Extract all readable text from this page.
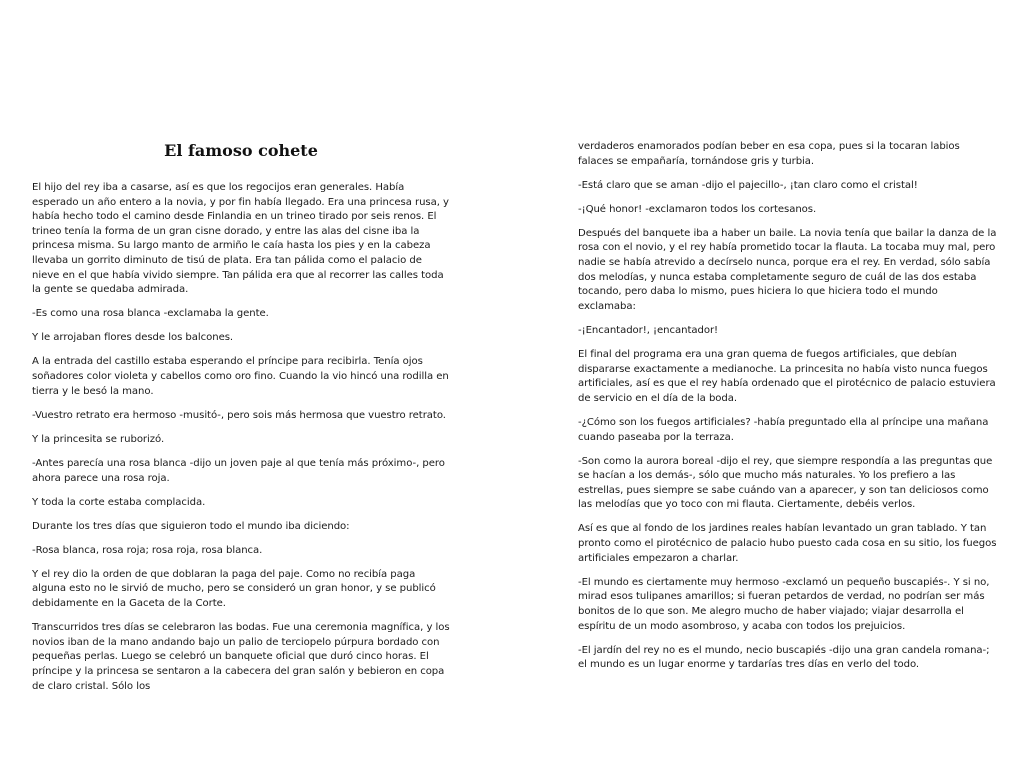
El famoso cohete

El hijo del rey iba a casarse, así es que los regocijos eran generales. Había esperado un año entero a la novia, y por fin había llegado. Era una princesa rusa, y había hecho todo el camino desde Finlandia en un trineo tirado por seis renos. El trineo tenía la forma de un gran cisne dorado, y entre las alas del cisne iba la princesa misma. Su largo manto de armiño le caía hasta los pies y en la cabeza llevaba un gorrito diminuto de tisú de plata. Era tan pálida como el palacio de nieve en el que había vivido siempre. Tan pálida era que al recorrer las calles toda la gente se quedaba admirada.

-Es como una rosa blanca -exclamaba la gente.

Y le arrojaban flores desde los balcones.

A la entrada del castillo estaba esperando el príncipe para recibirla. Tenía ojos soñadores color violeta y cabellos como oro fino. Cuando la vio hincó una rodilla en tierra y le besó la mano.

-Vuestro retrato era hermoso -musitó-, pero sois más hermosa que vuestro retrato.

Y la princesita se ruborizó.

-Antes parecía una rosa blanca -dijo un joven paje al que tenía más próximo-, pero ahora parece una rosa roja.

Y toda la corte estaba complacida.

Durante los tres días que siguieron todo el mundo iba diciendo:

-Rosa blanca, rosa roja; rosa roja, rosa blanca.

Y el rey dio la orden de que doblaran la paga del paje. Como no recibía paga alguna esto no le sirvió de mucho, pero se consideró un gran honor, y se publicó debidamente en la Gaceta de la Corte.

Transcurridos tres días se celebraron las bodas. Fue una ceremonia magnífica, y los novios iban de la mano andando bajo un palio de terciopelo púrpura bordado con pequeñas perlas. Luego se celebró un banquete oficial que duró cinco horas. El príncipe y la princesa se sentaron a la cabecera del gran salón y bebieron en copa de claro cristal. Sólo los

verdaderos enamorados podían beber en esa copa, pues si la tocaran labios falaces se empañaría, tornándose gris y turbia.

-Está claro que se aman -dijo el pajecillo-, ¡tan claro como el cristal!

-¡Qué honor! -exclamaron todos los cortesanos.

Después del banquete iba a haber un baile. La novia tenía que bailar la danza de la rosa con el novio, y el rey había prometido tocar la flauta. La tocaba muy mal, pero nadie se había atrevido a decírselo nunca, porque era el rey. En verdad, sólo sabía dos melodías, y nunca estaba completamente seguro de cuál de las dos estaba tocando, pero daba lo mismo, pues hiciera lo que hiciera todo el mundo exclamaba:

-¡Encantador!, ¡encantador!

El final del programa era una gran quema de fuegos artificiales, que debían dispararse exactamente a medianoche. La princesita no había visto nunca fuegos artificiales, así es que el rey había ordenado que el pirotécnico de palacio estuviera de servicio en el día de la boda.

-¿Cómo son los fuegos artificiales? -había preguntado ella al príncipe una mañana cuando paseaba por la terraza.

-Son como la aurora boreal -dijo el rey, que siempre respondía a las preguntas que se hacían a los demás-, sólo que mucho más naturales. Yo los prefiero a las estrellas, pues siempre se sabe cuándo van a aparecer, y son tan deliciosos como las melodías que yo toco con mi flauta. Ciertamente, debéis verlos.

Así es que al fondo de los jardines reales habían levantado un gran tablado. Y tan pronto como el pirotécnico de palacio hubo puesto cada cosa en su sitio, los fuegos artificiales empezaron a charlar.

-El mundo es ciertamente muy hermoso -exclamó un pequeño buscapiés-. Y si no, mirad esos tulipanes amarillos; si fueran petardos de verdad, no podrían ser más bonitos de lo que son. Me alegro mucho de haber viajado; viajar desarrolla el espíritu de un modo asombroso, y acaba con todos los prejuicios.

-El jardín del rey no es el mundo, necio buscapiés -dijo una gran candela romana-; el mundo es un lugar enorme y tardarías tres días en verlo del todo.
